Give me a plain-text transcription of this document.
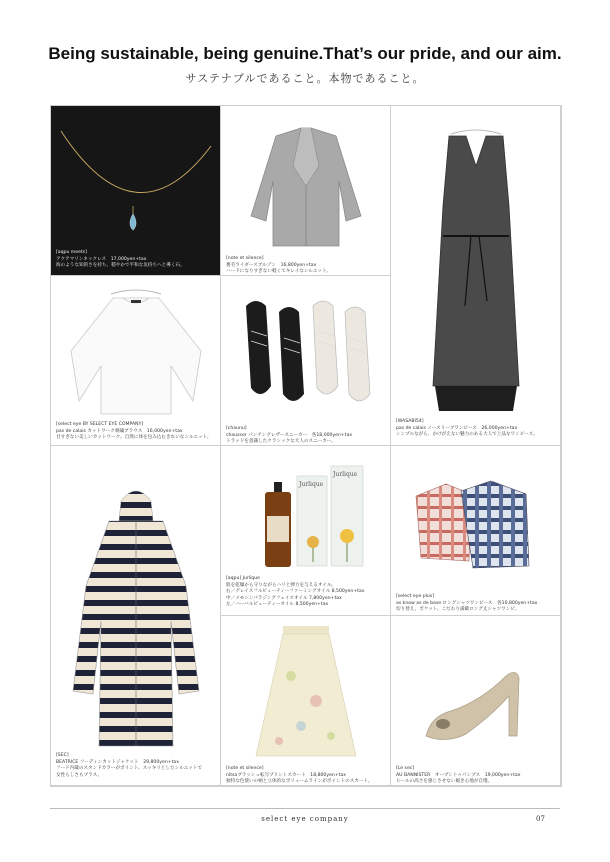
Being sustainable, being genuine.That’s our pride, and our aim.
サステナブルであること。本物であること。
[aqpu meets]
アクアマリンネックレス　17,000yen+tax
海のような知的さを持ち、穏やかで平和な気持ちへと導く石。
[note et silence]
裏毛ライダースブルゾン　16,800yen+tax
ハードになりすぎない軽くてキレイなシルエット。
[WASABI54]
pas de calais ノースリーブワンピース　26,000yen+tax
シンプルながら、かけがえない魅力のある大人で上品なワンピース。
[select eye BY SELECT EYE COMPANY]
pas de calais カットワーク刺繍ブラウス　16,000yen+tax
甘すぎない美しいカットワーク。自然に体を包み込むきれいなシルエット。
[chaunu]
chausser パンチングレザースニーカー　各18,000yen+tax
トラッドを意識したクラシックな大人のスニーカー。
[SEC]
BEATRICE フーディンカットジャケット　29,800yen+tax
フード内蔵のスタンドカラーがポイント。スッキリとしたシルエットで
女性らしさもプラス。
Jurlique
Jurlique
[aqpu] Jurlique
肌を乾燥から守りながらハリと弾力を与えるオイル。
右／グレイスフルビューティーファーミングオイル 8,500yen+tax
中／メモシンパラジングフェイスオイル 7,800yen+tax
左／ハーバルビューティーオイル 8,500yen+tax
[select eye plus]
as know as de base ロングシャツワンピース　各10,800yen+tax
切り替え、ポケット、こだわり満載ロング丈シャツワンピ。
[note et silence]
nitsaブラッシュ転写プリントスカート　18,800yen+tax
独特な色使いの柄と立体的なボリュームラインがポイントのスカート。
[Le sec]
AU BANNISTER　オープントゥパンプス　19,000yen+tax
ヒールの高さを感じさせない履き心地が自慢。
select eye company	07
